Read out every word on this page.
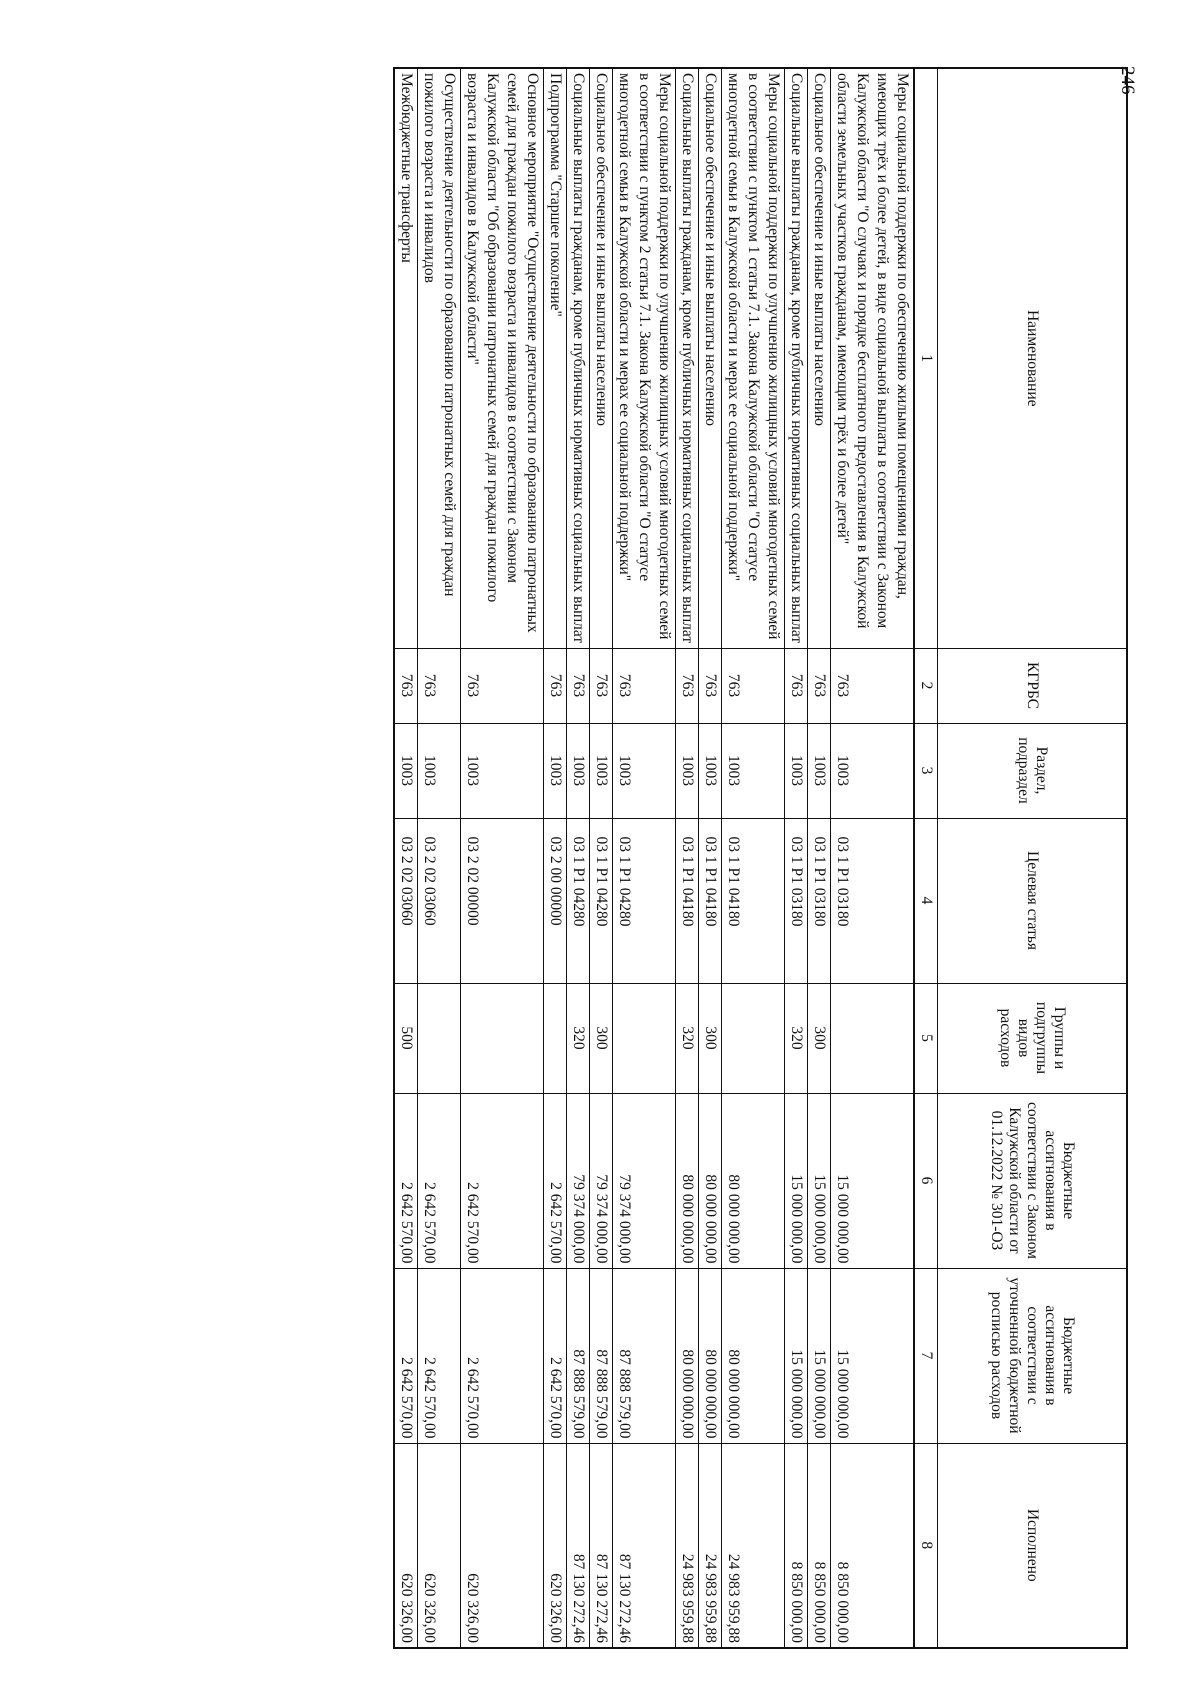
246
Наименование	КГРБС	Раздел, подраздел	Целевая статья	Группы и подгруппы видов расходов	Бюджетные ассигнования в соответствии с Законом Калужской области от 01.12.2022 № 301-ОЗ	Бюджетные ассигнования в соответствии с уточненной бюджетной росписью расходов	Исполнено
1	2	3	4	5	6	7	8
Меры социальной поддержки по обеспечению жилыми помещениями граждан, имеющих трёх и более детей, в виде социальной выплаты в соответствии с Законом Калужской области "О случаях и порядке бесплатного предоставления в Калужской области земельных участков гражданам, имеющим трёх и более детей"	763	1003	03 1 Р1 03180		15 000 000,00	15 000 000,00	8 850 000,00
Социальное обеспечение и иные выплаты населению	763	1003	03 1 Р1 03180	300	15 000 000,00	15 000 000,00	8 850 000,00
Социальные выплаты гражданам, кроме публичных нормативных социальных выплат	763	1003	03 1 Р1 03180	320	15 000 000,00	15 000 000,00	8 850 000,00
Меры социальной поддержки по улучшению жилищных условий многодетных семей в соответствии с пунктом 1 статьи 7.1. Закона Калужской области "О статусе многодетной семьи в Калужской области и мерах ее социальной поддержки"	763	1003	03 1 Р1 04180		80 000 000,00	80 000 000,00	24 983 959,88
Социальное обеспечение и иные выплаты населению	763	1003	03 1 Р1 04180	300	80 000 000,00	80 000 000,00	24 983 959,88
Социальные выплаты гражданам, кроме публичных нормативных социальных выплат	763	1003	03 1 Р1 04180	320	80 000 000,00	80 000 000,00	24 983 959,88
Меры социальной поддержки по улучшению жилищных условий многодетных семей в соответствии с пунктом 2 статьи 7.1. Закона Калужской области "О статусе многодетной семьи в Калужской области и мерах ее социальной поддержки"	763	1003	03 1 Р1 04280		79 374 000,00	87 888 579,00	87 130 272,46
Социальное обеспечение и иные выплаты населению	763	1003	03 1 Р1 04280	300	79 374 000,00	87 888 579,00	87 130 272,46
Социальные выплаты гражданам, кроме публичных нормативных социальных выплат	763	1003	03 1 Р1 04280	320	79 374 000,00	87 888 579,00	87 130 272,46
Подпрограмма "Старшее поколение"	763	1003	03 2 00 00000		2 642 570,00	2 642 570,00	620 326,00
Основное мероприятие "Осуществление деятельности по образованию патронатных семей для граждан пожилого возраста и инвалидов в соответствии с Законом Калужской области "Об образовании патронатных семей для граждан пожилого возраста и инвалидов в Калужской области"	763	1003	03 2 02 00000		2 642 570,00	2 642 570,00	620 326,00
Осуществление деятельности по образованию патронатных семей для граждан пожилого возраста и инвалидов	763	1003	03 2 02 03060		2 642 570,00	2 642 570,00	620 326,00
Межбюджетные трансферты	763	1003	03 2 02 03060	500	2 642 570,00	2 642 570,00	620 326,00
